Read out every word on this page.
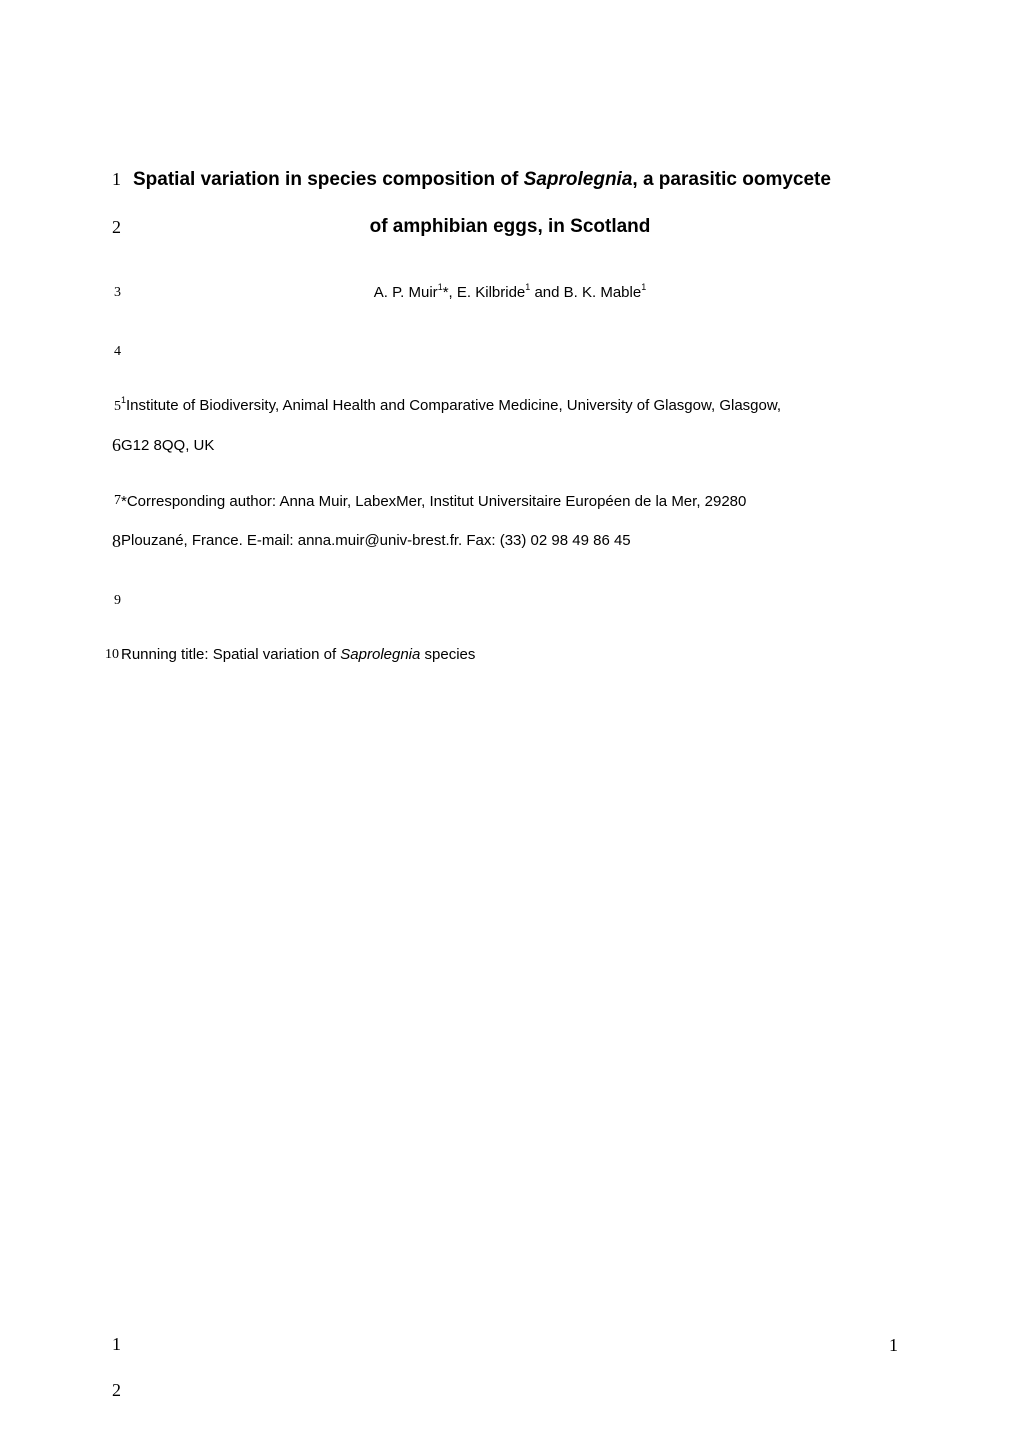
1
2
3
4
5
6
7
8
9
10
Spatial variation in species composition of Saprolegnia, a parasitic oomycete
of amphibian eggs, in Scotland
A. P. Muir$^1$*, E. Kilbride$^1$ and B. K. Mable$^1$
$^1$Institute of Biodiversity, Animal Health and Comparative Medicine, University of Glasgow, Glasgow,
G12 8QQ, UK
*Corresponding author: Anna Muir, LabexMer, Institut Universitaire Européen de la Mer, 29280
Plouzané, France. E-mail: anna.muir@univ-brest.fr. Fax: (33) 02 98 49 86 45
Running title: Spatial variation of Saprolegnia species
1
2
1
